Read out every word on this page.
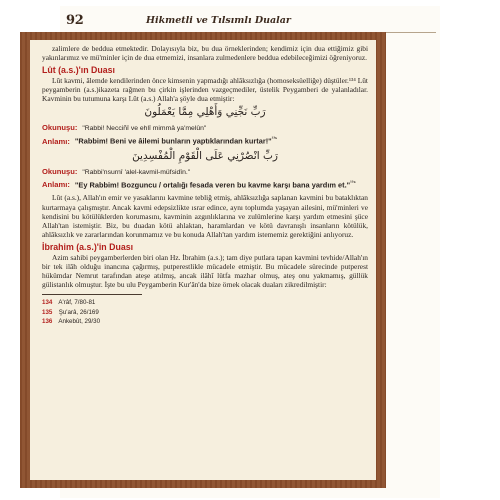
92	Hikmetli ve Tılsımlı Dualar

zalimlere de beddua etmektedir. Dolayısıyla biz, bu dua örneklerinden; kendimiz için dua ettiğimiz gibi yakınlarımız ve mü'minler için de dua etmemizi, insanlara zulmedenlere beddua edebileceğimizi öğreniyoruz.

Lût (a.s.)'ın Duası

Lût kavmi, âlemde kendilerinden önce kimsenin yapmadığı ahlâksızlığa (homoseksüelliğe) düştüler.¹³⁴ Lût peygamberin (a.s.)ikazeta rağmen bu çirkin işlerinden vazgeçmediler, üstelik Peygamberi de yalanladılar. Kavminin bu tutumuna karşı Lût (a.s.) Allah'a şöyle dua etmiştir:

رَبِّ نَجِّنِي وَأَهْلِي مِمَّا يَعْمَلُونَ
Okunuşu: "Rabbi! Necciñî ve ehlî mimmâ ya'melûn"
Anlamı: "Rabbim! Beni ve âilemi bunların yaptıklarından kurtar!"$^{^{135}}$
رَبِّ انْصُرْنِي عَلَى الْقَوْمِ الْمُفْسِدِينَ
Okunuşu: "Rabbi'nsurnî 'alel-kavmil-müfsidîn."
Anlamı: "Ey Rabbim! Bozguncu / ortalığı fesada veren bu kavme karşı bana yardım et."$^{^{136}}$

Lût (a.s.), Allah'ın emir ve yasaklarını kavmine tebliğ etmiş, ahlâksızlığa saplanan kavmini bu bataklıktan kurtarmaya çalışmıştır. Ancak kavmi edepsizlikte ısrar edince, aynı toplumda yaşayan ailesini, mü'minleri ve kendisini bu kötülüklerden korumasını, kavminin azgınlıklarına ve zulümlerine karşı yardım etmesini şüce Allah'tan istemiştir. Biz, bu duadan kötü ahlaktan, haramlardan ve kötü davranışlı insanların kötülük, ahlâksızlık ve zararlarından korunmamız ve bu konuda Allah'tan yardım istememiz gerektiğini anlıyoruz.

İbrahim (a.s.)'in Duası

Azim sahibi peygamberlerden biri olan Hz. İbrahim (a.s.); tam diye putlara tapan kavmini tevhide/Allah'ın bir tek ilâh olduğu inancına çağırmış, putperestlikle mücadele etmiştir. Bu mücadele sürecinde putperest hükümdar Nemrut tarafından ateşe atılmış, ancak ilâhî lütfa mazhar olmuş, ateş onu yakmamış, güllük gülistanlık olmuştur. İşte bu ulu Peygamberin Kur'ân'da bize örnek olacak duaları zikredilmiştir:

134 A'râf, 7/80-81
135 Şu'arâ, 26/169
136 Ankebût, 29/30
